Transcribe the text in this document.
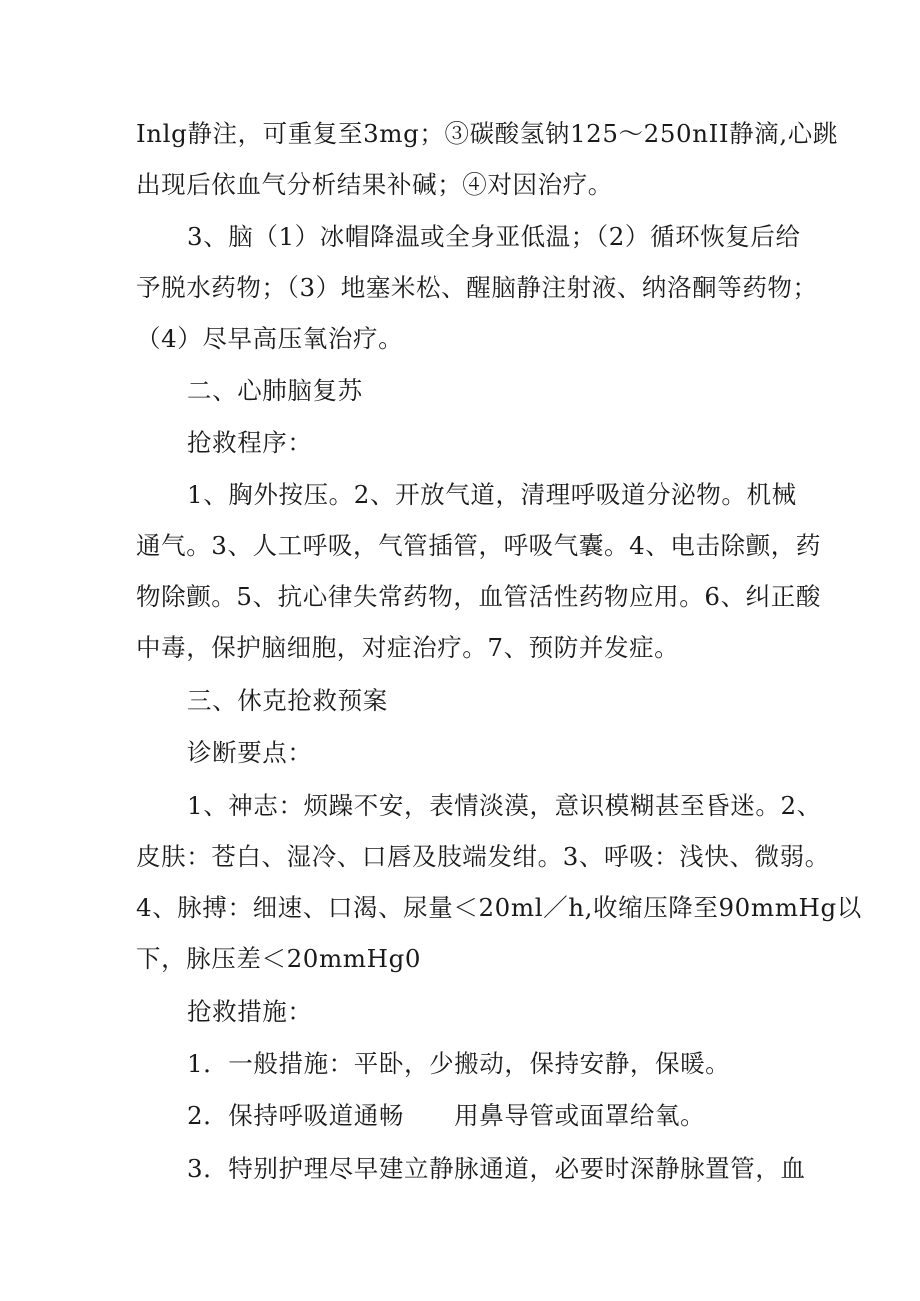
Inlg静注，可重复至3mg；③碳酸氢钠125～250nII静滴,心跳
出现后依血气分析结果补碱；④对因治疗。

3、脑（1）冰帽降温或全身亚低温；（2）循环恢复后给
予脱水药物；（3）地塞米松、醒脑静注射液、纳洛酮等药物；
（4）尽早高压氧治疗。

二、心肺脑复苏

抢救程序：

1、胸外按压。2、开放气道，清理呼吸道分泌物。机械
通气。3、人工呼吸，气管插管，呼吸气囊。4、电击除颤，药
物除颤。5、抗心律失常药物，血管活性药物应用。6、纠正酸
中毒，保护脑细胞，对症治疗。7、预防并发症。

三、休克抢救预案

诊断要点：

1、神志：烦躁不安，表情淡漠，意识模糊甚至昏迷。2、
皮肤：苍白、湿冷、口唇及肢端发绀。3、呼吸：浅快、微弱。
4、脉搏：细速、口渴、尿量＜20ml／h,收缩压降至90mmHg以
下，脉压差＜20mmHg0

抢救措施：

1．一般措施：平卧，少搬动，保持安静，保暖。

2．保持呼吸道通畅　　用鼻导管或面罩给氧。

3．特别护理尽早建立静脉通道，必要时深静脉置管，血
